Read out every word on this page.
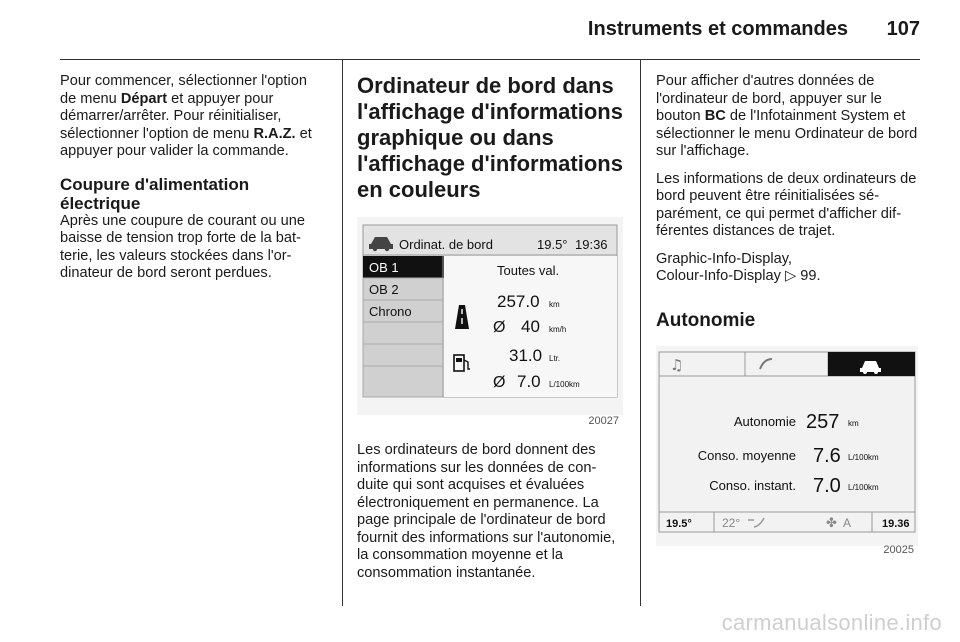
Instruments et commandes 107

Pour commencer, sélectionner l'option de menu Départ et appuyer pour démarrer/arrêter. Pour réinitialiser, sélectionner l'option de menu R.A.Z. et appuyer pour valider la commande.

Coupure d'alimentation électrique

Après une coupure de courant ou une baisse de tension trop forte de la batterie, les valeurs stockées dans l'ordinateur de bord seront perdues.

Ordinateur de bord dans l'affichage d'informations graphique ou dans l'affichage d'informations en couleurs
Ordinat. de bord	19.5° 19:36
OB 1
OB 2
Chrono
Toutes val.
257.0 km
Ø 40 km/h
31.0 Ltr.
Ø 7.0 L/100km
20027

Les ordinateurs de bord donnent des informations sur les données de conduite qui sont acquises et évaluées électroniquement en permanence. La page principale de l'ordinateur de bord fournit des informations sur l'autonomie, la consommation moyenne et la consommation instantanée.

Pour afficher d'autres données de l'ordinateur de bord, appuyer sur le bouton BC de l'Infotainment System et sélectionner le menu Ordinateur de bord sur l'affichage.

Les informations de deux ordinateurs de bord peuvent être réinitialisées séparément, ce qui permet d'afficher différentes distances de trajet.

Graphic-Info-Display,
Colour-Info-Display ▷ 99.

Autonomie
♫
Autonomie 257 km
Conso. moyenne 7.6 L/100km
Conso. instant. 7.0 L/100km
19.5°	22°	✤ A	19.36
20025
carmanualsonline.info
